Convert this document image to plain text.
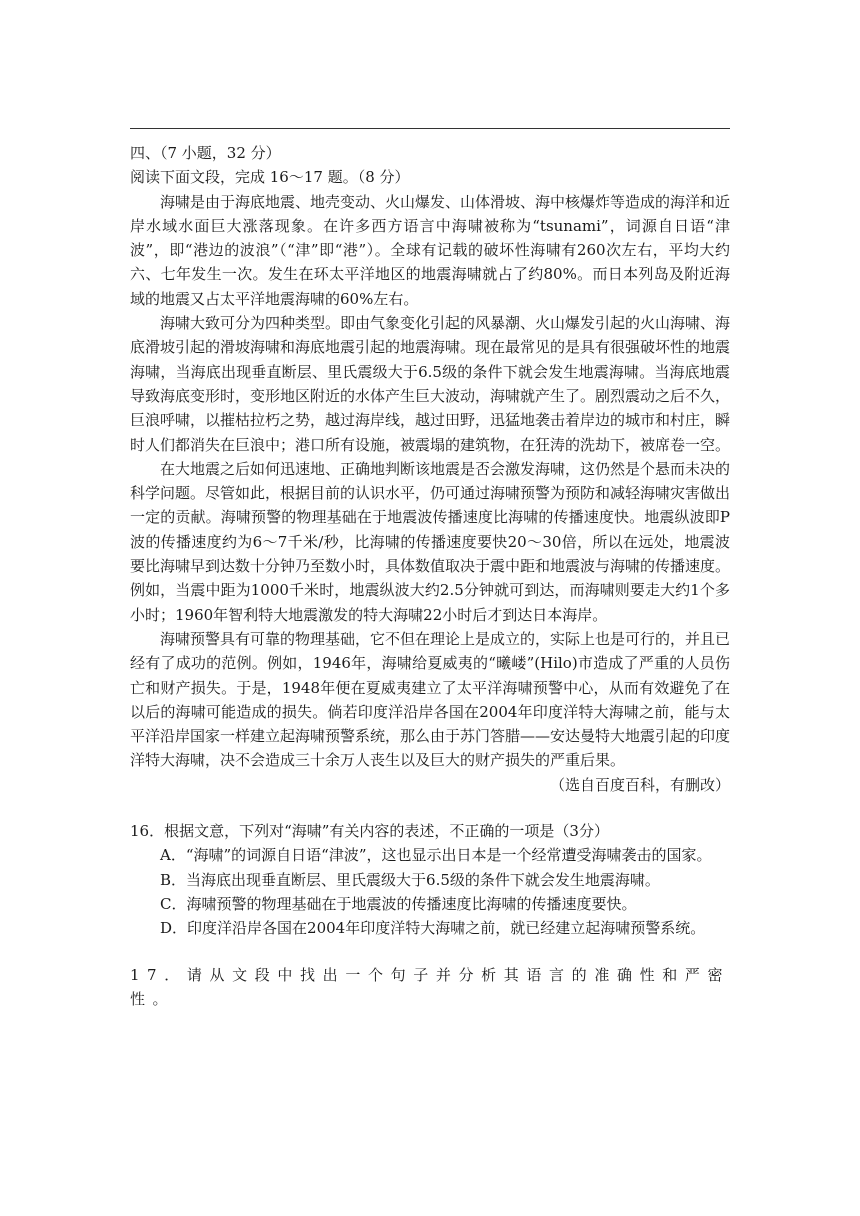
四、（7 小题，32 分）

阅读下面文段，完成 16～17 题。（8 分）

海啸是由于海底地震、地壳变动、火山爆发、山体滑坡、海中核爆炸等造成的海洋和近岸水域水面巨大涨落现象。在许多西方语言中海啸被称为“tsunami”，词源自日语“津波”，即“港边的波浪”（“津”即“港”）。全球有记载的破坏性海啸有260次左右，平均大约六、七年发生一次。发生在环太平洋地区的地震海啸就占了约80%。而日本列岛及附近海域的地震又占太平洋地震海啸的60%左右。

海啸大致可分为四种类型。即由气象变化引起的风暴潮、火山爆发引起的火山海啸、海底滑坡引起的滑坡海啸和海底地震引起的地震海啸。现在最常见的是具有很强破坏性的地震海啸，当海底出现垂直断层、里氏震级大于6.5级的条件下就会发生地震海啸。当海底地震导致海底变形时，变形地区附近的水体产生巨大波动，海啸就产生了。剧烈震动之后不久，巨浪呼啸，以摧枯拉朽之势，越过海岸线，越过田野，迅猛地袭击着岸边的城市和村庄，瞬时人们都消失在巨浪中；港口所有设施，被震塌的建筑物，在狂涛的洗劫下，被席卷一空。

在大地震之后如何迅速地、正确地判断该地震是否会激发海啸，这仍然是个悬而未决的科学问题。尽管如此，根据目前的认识水平，仍可通过海啸预警为预防和减轻海啸灾害做出一定的贡献。海啸预警的物理基础在于地震波传播速度比海啸的传播速度快。地震纵波即P波的传播速度约为6～7千米/秒，比海啸的传播速度要快20～30倍，所以在远处，地震波要比海啸早到达数十分钟乃至数小时，具体数值取决于震中距和地震波与海啸的传播速度。例如，当震中距为1000千米时，地震纵波大约2.5分钟就可到达，而海啸则要走大约1个多小时；1960年智利特大地震激发的特大海啸22小时后才到达日本海岸。

海啸预警具有可靠的物理基础，它不但在理论上是成立的，实际上也是可行的，并且已经有了成功的范例。例如，1946年，海啸给夏威夷的“曦嵝”(Hilo)市造成了严重的人员伤亡和财产损失。于是，1948年便在夏威夷建立了太平洋海啸预警中心，从而有效避免了在以后的海啸可能造成的损失。倘若印度洋沿岸各国在2004年印度洋特大海啸之前，能与太平洋沿岸国家一样建立起海啸预警系统，那么由于苏门答腊——安达曼特大地震引起的印度洋特大海啸，决不会造成三十余万人丧生以及巨大的财产损失的严重后果。

（选自百度百科，有删改）

16．根据文意，下列对“海啸”有关内容的表述，不正确的一项是（3分）

A．“海啸”的词源自日语“津波”，这也显示出日本是一个经常遭受海啸袭击的国家。

B．当海底出现垂直断层、里氏震级大于6.5级的条件下就会发生地震海啸。

C．海啸预警的物理基础在于地震波的传播速度比海啸的传播速度要快。

D．印度洋沿岸各国在2004年印度洋特大海啸之前，就已经建立起海啸预警系统。

17．请从文段中找出一个句子并分析其语言的准确性和严密性。
